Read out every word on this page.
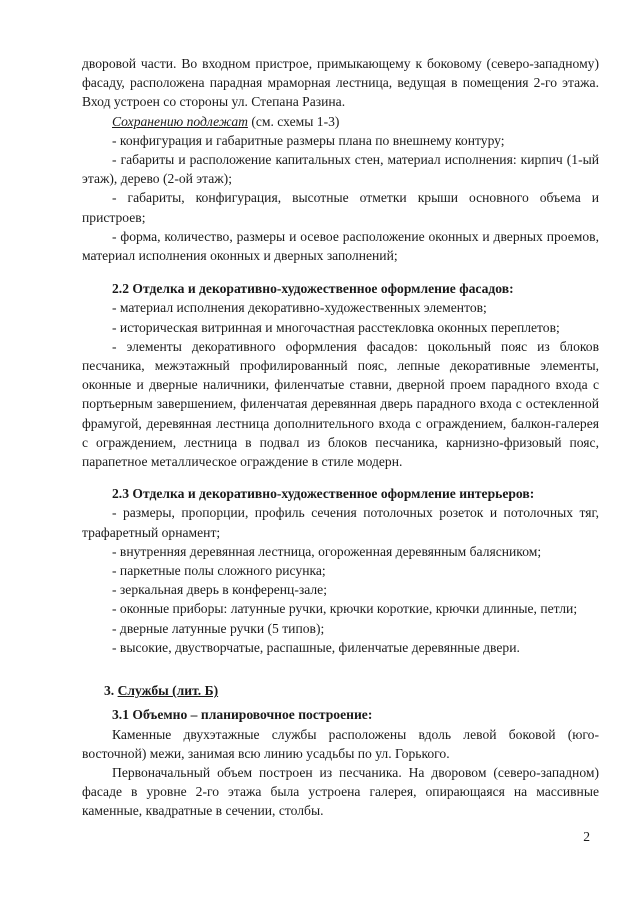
дворовой части. Во входном пристрое, примыкающему к боковому (северо-западному) фасаду, расположена парадная мраморная лестница, ведущая в помещения 2-го этажа. Вход устроен со стороны ул. Степана Разина.

Сохранению подлежат (см. схемы 1-3)

- конфигурация и габаритные размеры плана по внешнему контуру;

- габариты и расположение капитальных стен, материал исполнения: кирпич (1-ый этаж), дерево (2-ой этаж);

- габариты, конфигурация, высотные отметки крыши основного объема и пристроев;

- форма, количество, размеры и осевое расположение оконных и дверных проемов, материал исполнения оконных и дверных заполнений;

2.2 Отделка и декоративно-художественное оформление фасадов:

- материал исполнения декоративно-художественных элементов;

- историческая витринная и многочастная расстекловка оконных переплетов;

- элементы декоративного оформления фасадов: цокольный пояс из блоков песчаника, межэтажный профилированный пояс, лепные декоративные элементы, оконные и дверные наличники, филенчатые ставни, дверной проем парадного входа с портьерным завершением, филенчатая деревянная дверь парадного входа с остекленной фрамугой, деревянная лестница дополнительного входа с ограждением, балкон-галерея с ограждением, лестница в подвал из блоков песчаника, карнизно-фризовый пояс, парапетное металлическое ограждение в стиле модерн.

2.3 Отделка и декоративно-художественное оформление интерьеров:

- размеры, пропорции, профиль сечения потолочных розеток и потолочных тяг, трафаретный орнамент;

- внутренняя деревянная лестница, огороженная деревянным балясником;

- паркетные полы сложного рисунка;

- зеркальная дверь в конференц-зале;

- оконные приборы: латунные ручки, крючки короткие, крючки длинные, петли;

- дверные латунные ручки (5 типов);

- высокие, двустворчатые, распашные, филенчатые деревянные двери.

3. Службы (лит. Б)

3.1 Объемно – планировочное построение:

Каменные двухэтажные службы расположены вдоль левой боковой (юго-восточной) межи, занимая всю линию усадьбы по ул. Горького.

Первоначальный объем построен из песчаника. На дворовом (северо-западном) фасаде в уровне 2-го этажа была устроена галерея, опирающаяся на массивные каменные, квадратные в сечении, столбы.

2
